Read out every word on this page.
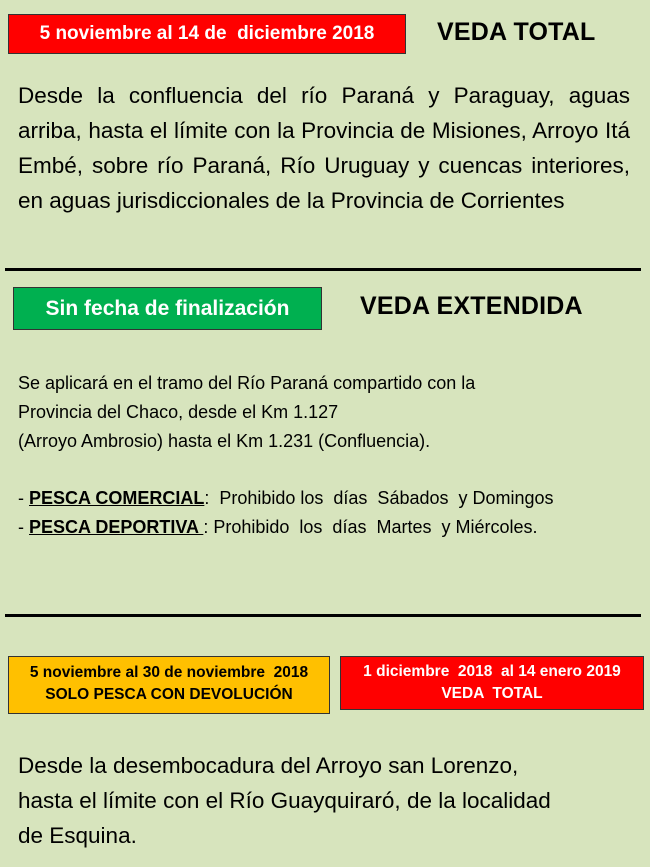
5 noviembre al 14 de  diciembre 2018	VEDA TOTAL
Desde la confluencia del río Paraná y Paraguay, aguas arriba, hasta el límite con la Provincia de Misiones, Arroyo Itá Embé, sobre río Paraná, Río Uruguay y cuencas interiores, en aguas jurisdiccionales de la Provincia de Corrientes
Sin fecha de finalización	VEDA EXTENDIDA
Se aplicará en el tramo del Río Paraná compartido con la
Provincia del Chaco, desde el Km 1.127
(Arroyo Ambrosio) hasta el Km 1.231 (Confluencia).
- PESCA COMERCIAL:  Prohibido los  días  Sábados  y Domingos
- PESCA DEPORTIVA : Prohibido  los  días  Martes  y Miércoles.
5 noviembre al 30 de noviembre  2018
SOLO PESCA CON DEVOLUCIÓN
1 diciembre  2018  al 14 enero 2019
VEDA  TOTAL
Desde la desembocadura del Arroyo san Lorenzo,
hasta el límite con el Río Guayquiraró, de la localidad
de Esquina.
